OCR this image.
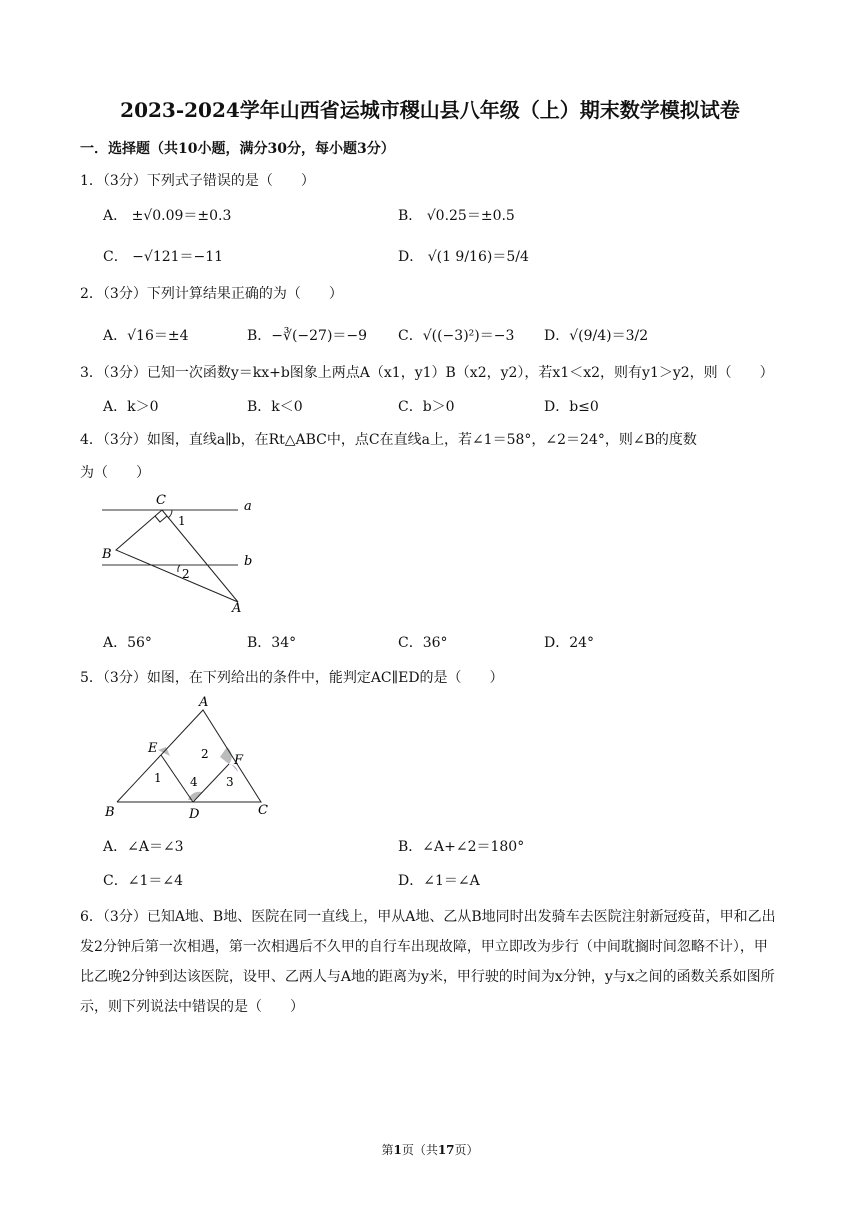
2023-2024学年山西省运城市稷山县八年级（上）期末数学模拟试卷
一．选择题（共10小题，满分30分，每小题3分）
1．（3分）下列式子错误的是（　　）
A． ±√0.09＝±0.3	B． √0.25＝±0.5
C． −√121＝−11	D． √(1 9/16)＝5/4
2．（3分）下列计算结果正确的为（　　）
A．√16＝±4	B．−∛(−27)＝−9 C．√((−3)²)＝−3 D．√(9/4)＝3/2
3．（3分）已知一次函数y＝kx+b图象上两点A（x1，y1）B（x2，y2），若x1＜x2，则有y1＞y2，则（　　）
A．k＞0	B．k＜0	C．b＞0	D．b≤0
4．（3分）如图，直线a∥b，在Rt△ABC中，点C在直线a上，若∠1＝58°，∠2＝24°，则∠B的度数
为（　　）
C	a
1
B	b
2
A
A．56°	B．34°	C．36°	D．24°
5．（3分）如图，在下列给出的条件中，能判定AC∥ED的是（　　）
A
E
F
B	D	C
1
2
3
4
A．∠A＝∠3	B．∠A+∠2＝180°
C．∠1＝∠4	D．∠1＝∠A
6．（3分）已知A地、B地、医院在同一直线上，甲从A地、乙从B地同时出发骑车去医院注射新冠疫苗，甲和乙出发2分钟后第一次相遇，第一次相遇后不久甲的自行车出现故障，甲立即改为步行（中间耽搁时间忽略不计），甲比乙晚2分钟到达该医院，设甲、乙两人与A地的距离为y米，甲行驶的时间为x分钟，y与x之间的函数关系如图所示，则下列说法中错误的是（　　）
第1页（共17页）
